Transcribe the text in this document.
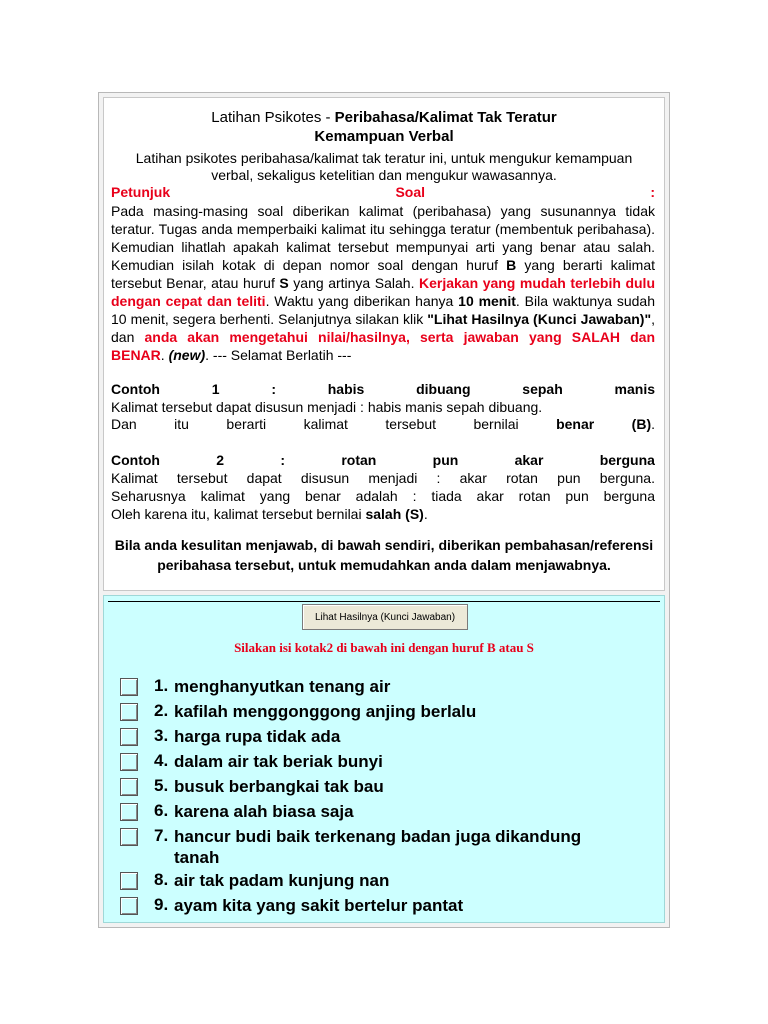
Latihan Psikotes - Peribahasa/Kalimat Tak Teratur
Kemampuan Verbal
Latihan psikotes peribahasa/kalimat tak teratur ini, untuk mengukur kemampuan
verbal, sekaligus ketelitian dan mengukur wawasannya.
Petunjuk	Soal	:
Pada masing-masing soal diberikan kalimat (peribahasa) yang susunannya tidak teratur. Tugas anda memperbaiki kalimat itu sehingga teratur (membentuk peribahasa). Kemudian lihatlah apakah kalimat tersebut mempunyai arti yang benar atau salah. Kemudian isilah kotak di depan nomor soal dengan huruf B yang berarti kalimat tersebut Benar, atau huruf S yang artinya Salah. Kerjakan yang mudah terlebih dulu dengan cepat dan teliti. Waktu yang diberikan hanya 10 menit. Bila waktunya sudah 10 menit, segera berhenti. Selanjutnya silakan klik "Lihat Hasilnya (Kunci Jawaban)", dan anda akan mengetahui nilai/hasilnya, serta jawaban yang SALAH dan BENAR. (new). --- Selamat Berlatih ---
Contoh	1	:	habis	dibuang	sepah	manis
Kalimat tersebut dapat disusun menjadi : habis manis sepah dibuang.
Dan	itu	berarti	kalimat	tersebut	bernilai	benar	(B).
Contoh	2	:	rotan	pun	akar	berguna
Kalimat tersebut dapat disusun menjadi : akar rotan pun berguna.
Seharusnya kalimat yang benar adalah : tiada akar rotan pun berguna
Oleh karena itu, kalimat tersebut bernilai salah (S).
Bila anda kesulitan menjawab, di bawah sendiri, diberikan pembahasan/referensi peribahasa tersebut, untuk memudahkan anda dalam menjawabnya.
Lihat Hasilnya (Kunci Jawaban)
Silakan isi kotak2 di bawah ini dengan huruf B atau S
1. menghanyutkan tenang air
2. kafilah menggonggong anjing berlalu
3. harga rupa tidak ada
4. dalam air tak beriak bunyi
5. busuk berbangkai tak bau
6. karena alah biasa saja
7. hancur budi baik terkenang badan juga dikandung tanah
8. air tak padam kunjung nan
9. ayam kita yang sakit bertelur pantat
